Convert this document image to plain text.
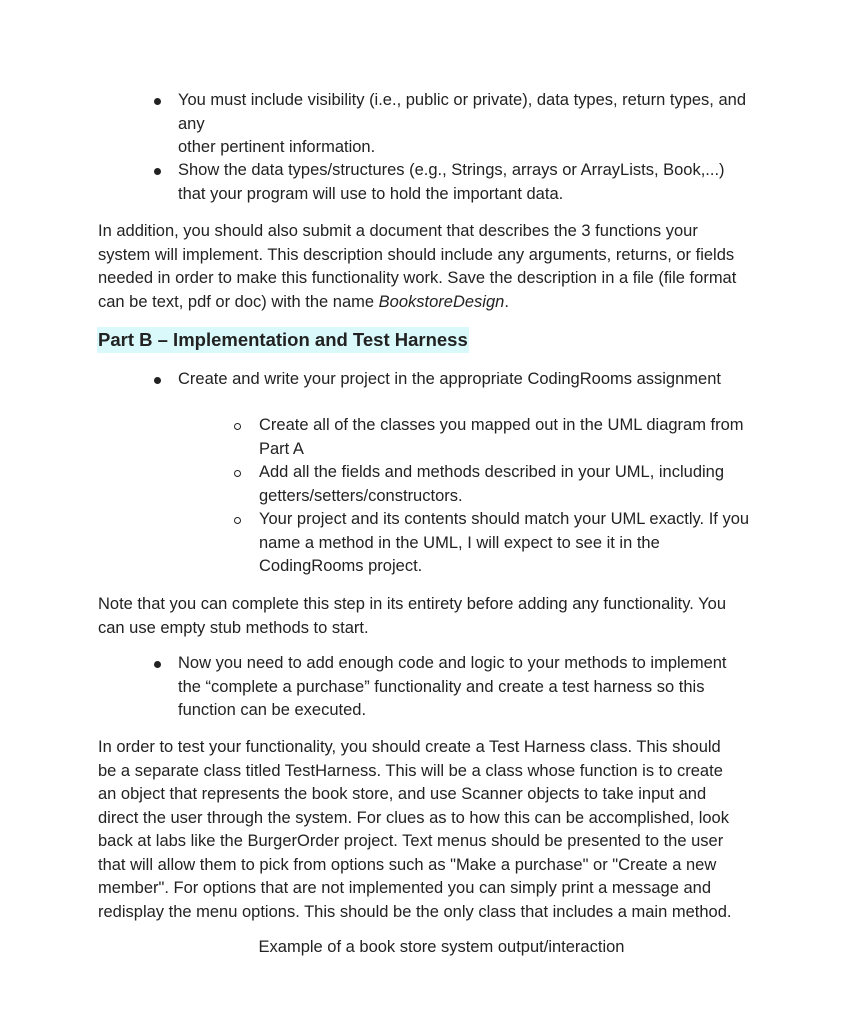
You must include visibility (i.e., public or private), data types, return types, and
any
other pertinent information.
Show the data types/structures (e.g., Strings, arrays or ArrayLists, Book,...)
that your program will use to hold the important data.
In addition, you should also submit a document that describes the 3 functions your
system will implement. This description should include any arguments, returns, or fields
needed in order to make this functionality work. Save the description in a file (file format
can be text, pdf or doc) with the name BookstoreDesign.
Part B – Implementation and Test Harness
Create and write your project in the appropriate CodingRooms assignment
Create all of the classes you mapped out in the UML diagram from
Part A
Add all the fields and methods described in your UML, including
getters/setters/constructors.
Your project and its contents should match your UML exactly. If you
name a method in the UML, I will expect to see it in the
CodingRooms project.
Note that you can complete this step in its entirety before adding any functionality. You
can use empty stub methods to start.
Now you need to add enough code and logic to your methods to implement
the “complete a purchase” functionality and create a test harness so this
function can be executed.
In order to test your functionality, you should create a Test Harness class. This should
be a separate class titled TestHarness. This will be a class whose function is to create
an object that represents the book store, and use Scanner objects to take input and
direct the user through the system. For clues as to how this can be accomplished, look
back at labs like the BurgerOrder project. Text menus should be presented to the user
that will allow them to pick from options such as "Make a purchase" or "Create a new
member". For options that are not implemented you can simply print a message and
redisplay the menu options. This should be the only class that includes a main method.
Example of a book store system output/interaction
